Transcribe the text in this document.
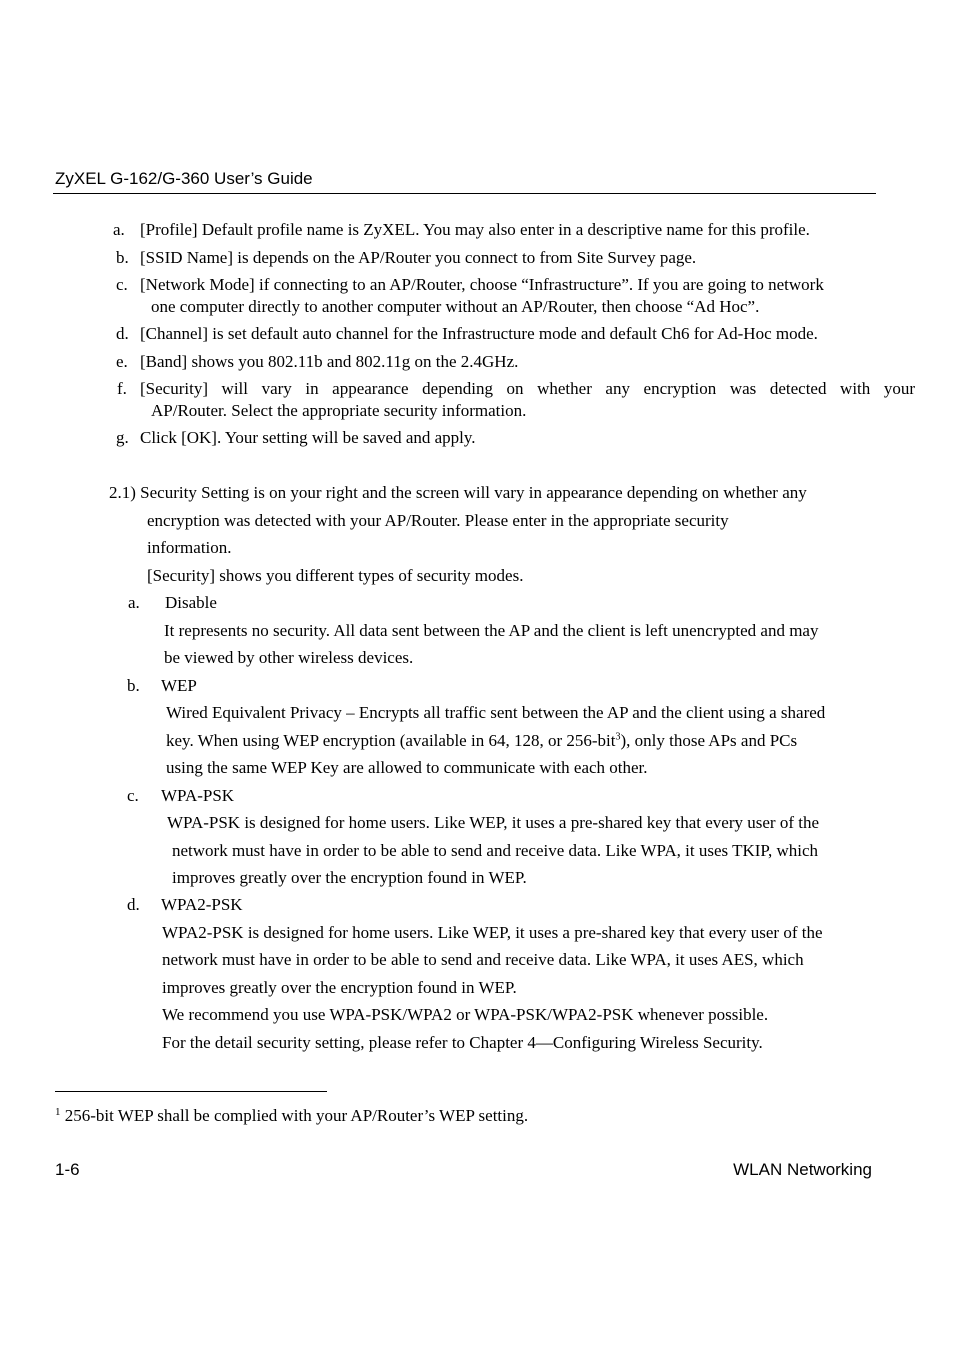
ZyXEL G-162/G-360 User’s Guide
a. [Profile] Default profile name is ZyXEL. You may also enter in a descriptive name for this profile.
b. [SSID Name] is depends on the AP/Router you connect to from Site Survey page.
c. [Network Mode] if connecting to an AP/Router, choose “Infrastructure”. If you are going to network
one computer directly to another computer without an AP/Router, then choose “Ad Hoc”.
d. [Channel] is set default auto channel for the Infrastructure mode and default Ch6 for Ad-Hoc mode.
e. [Band] shows you 802.11b and 802.11g on the 2.4GHz.
f. [Security] will vary in appearance depending on whether any encryption was detected with your
AP/Router. Select the appropriate security information.
g. Click [OK]. Your setting will be saved and apply.
2.1) Security Setting is on your right and the screen will vary in appearance depending on whether any
encryption was detected with your AP/Router. Please enter in the appropriate security
information.
[Security] shows you different types of security modes.
a. Disable
It represents no security. All data sent between the AP and the client is left unencrypted and may
be viewed by other wireless devices.
b. WEP
Wired Equivalent Privacy – Encrypts all traffic sent between the AP and the client using a shared
key. When using WEP encryption (available in 64, 128, or 256-bit$^3$), only those APs and PCs
using the same WEP Key are allowed to communicate with each other.
c. WPA-PSK
WPA-PSK is designed for home users. Like WEP, it uses a pre-shared key that every user of the
network must have in order to be able to send and receive data. Like WPA, it uses TKIP, which
improves greatly over the encryption found in WEP.
d. WPA2-PSK
WPA2-PSK is designed for home users. Like WEP, it uses a pre-shared key that every user of the
network must have in order to be able to send and receive data. Like WPA, it uses AES, which
improves greatly over the encryption found in WEP.
We recommend you use WPA-PSK/WPA2 or WPA-PSK/WPA2-PSK whenever possible.
For the detail security setting, please refer to Chapter 4—Configuring Wireless Security.
$^1$ 256-bit WEP shall be complied with your AP/Router’s WEP setting.
1-6	WLAN Networking
